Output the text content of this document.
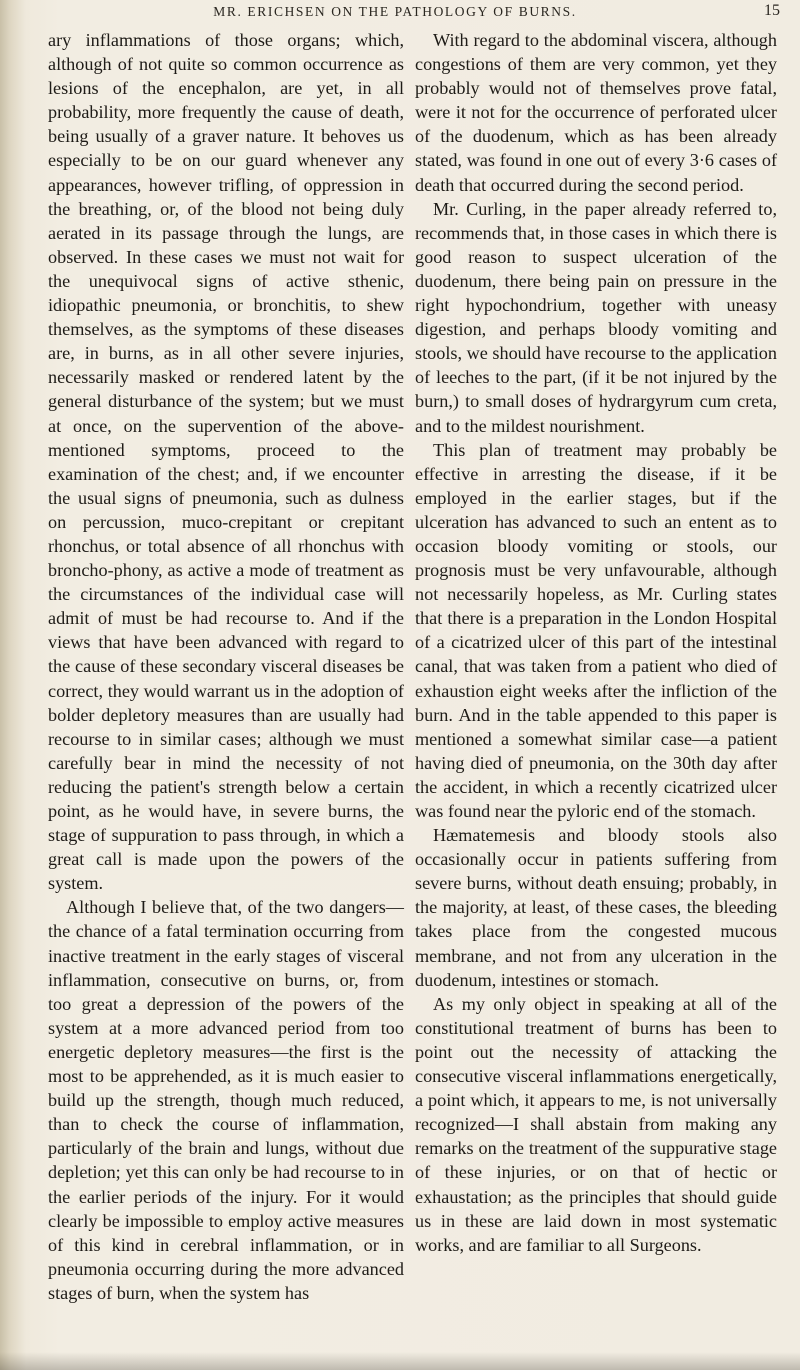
MR. ERICHSEN ON THE PATHOLOGY OF BURNS.	15

ary inflammations of those organs; which, although of not quite so common occurrence as lesions of the encephalon, are yet, in all probability, more frequently the cause of death, being usually of a graver nature. It behoves us especially to be on our guard whenever any appearances, however trifling, of oppression in the breathing, or, of the blood not being duly aerated in its passage through the lungs, are observed. In these cases we must not wait for the unequivocal signs of active sthenic, idiopathic pneumonia, or bronchitis, to shew themselves, as the symptoms of these diseases are, in burns, as in all other severe injuries, necessarily masked or rendered latent by the general disturbance of the system; but we must at once, on the supervention of the above-mentioned symptoms, proceed to the examination of the chest; and, if we encounter the usual signs of pneumonia, such as dulness on percussion, muco-crepitant or crepitant rhonchus, or total absence of all rhonchus with broncho-phony, as active a mode of treatment as the circumstances of the individual case will admit of must be had recourse to. And if the views that have been advanced with regard to the cause of these secondary visceral diseases be correct, they would warrant us in the adoption of bolder depletory measures than are usually had recourse to in similar cases; although we must carefully bear in mind the necessity of not reducing the patient's strength below a certain point, as he would have, in severe burns, the stage of suppuration to pass through, in which a great call is made upon the powers of the system.

Although I believe that, of the two dangers—the chance of a fatal termination occurring from inactive treatment in the early stages of visceral inflammation, consecutive on burns, or, from too great a depression of the powers of the system at a more advanced period from too energetic depletory measures—the first is the most to be apprehended, as it is much easier to build up the strength, though much reduced, than to check the course of inflammation, particularly of the brain and lungs, without due depletion; yet this can only be had recourse to in the earlier periods of the injury. For it would clearly be impossible to employ active measures of this kind in cerebral inflammation, or in pneumonia occurring during the more advanced stages of burn, when the system has

With regard to the abdominal viscera, although congestions of them are very common, yet they probably would not of themselves prove fatal, were it not for the occurrence of perforated ulcer of the duodenum, which as has been already stated, was found in one out of every 3·6 cases of death that occurred during the second period.

Mr. Curling, in the paper already referred to, recommends that, in those cases in which there is good reason to suspect ulceration of the duodenum, there being pain on pressure in the right hypochondrium, together with uneasy digestion, and perhaps bloody vomiting and stools, we should have recourse to the application of leeches to the part, (if it be not injured by the burn,) to small doses of hydrargyrum cum creta, and to the mildest nourishment.

This plan of treatment may probably be effective in arresting the disease, if it be employed in the earlier stages, but if the ulceration has advanced to such an entent as to occasion bloody vomiting or stools, our prognosis must be very unfavourable, although not necessarily hopeless, as Mr. Curling states that there is a preparation in the London Hospital of a cicatrized ulcer of this part of the intestinal canal, that was taken from a patient who died of exhaustion eight weeks after the infliction of the burn. And in the table appended to this paper is mentioned a somewhat similar case—a patient having died of pneumonia, on the 30th day after the accident, in which a recently cicatrized ulcer was found near the pyloric end of the stomach.

Hæmatemesis and bloody stools also occasionally occur in patients suffering from severe burns, without death ensuing; probably, in the majority, at least, of these cases, the bleeding takes place from the congested mucous membrane, and not from any ulceration in the duodenum, intestines or stomach.

As my only object in speaking at all of the constitutional treatment of burns has been to point out the necessity of attacking the consecutive visceral inflammations energetically, a point which, it appears to me, is not universally recognized—I shall abstain from making any remarks on the treatment of the suppurative stage of these injuries, or on that of hectic or exhaustation; as the principles that should guide us in these are laid down in most systematic works, and are familiar to all Surgeons.
